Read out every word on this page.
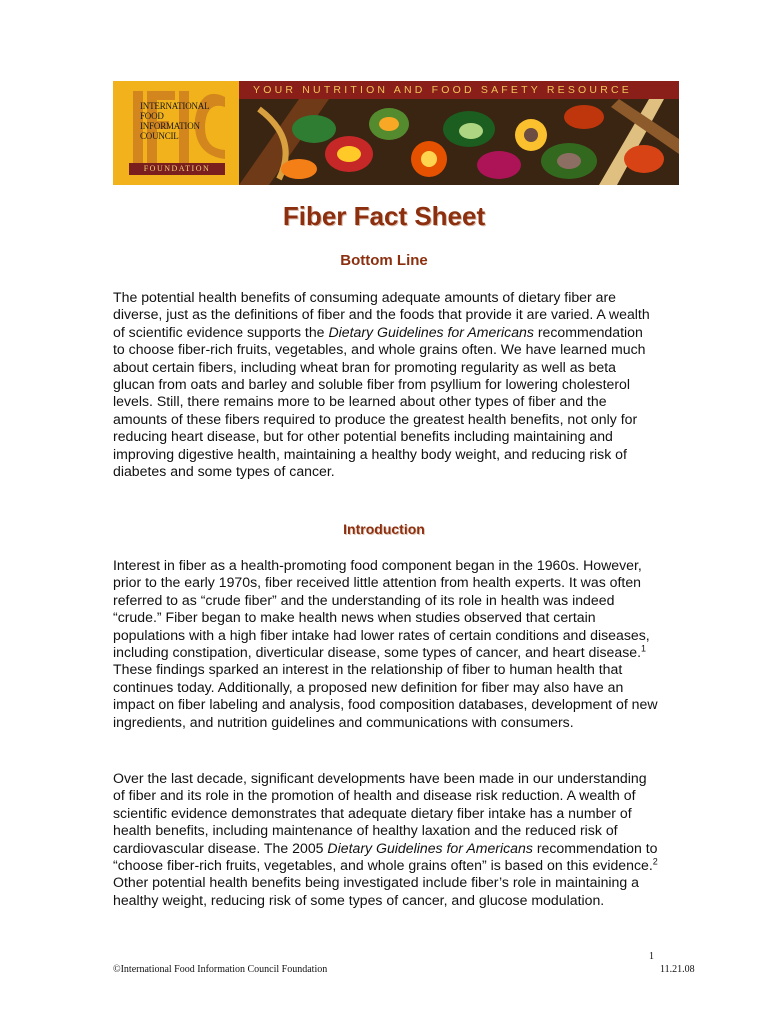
INTERNATIONAL
FOOD
INFORMATION
COUNCIL
FOUNDATION
YOUR NUTRITION AND FOOD SAFETY RESOURCE
Fiber Fact Sheet
Bottom Line

The potential health benefits of consuming adequate amounts of dietary fiber are diverse, just as the definitions of fiber and the foods that provide it are varied. A wealth of scientific evidence supports the Dietary Guidelines for Americans recommendation to choose fiber-rich fruits, vegetables, and whole grains often. We have learned much about certain fibers, including wheat bran for promoting regularity as well as beta glucan from oats and barley and soluble fiber from psyllium for lowering cholesterol levels. Still, there remains more to be learned about other types of fiber and the amounts of these fibers required to produce the greatest health benefits, not only for reducing heart disease, but for other potential benefits including maintaining and improving digestive health, maintaining a healthy body weight, and reducing risk of diabetes and some types of cancer.

Introduction

Interest in fiber as a health-promoting food component began in the 1960s. However, prior to the early 1970s, fiber received little attention from health experts. It was often referred to as “crude fiber” and the understanding of its role in health was indeed “crude.” Fiber began to make health news when studies observed that certain populations with a high fiber intake had lower rates of certain conditions and diseases, including constipation, diverticular disease, some types of cancer, and heart disease.$^1$ These findings sparked an interest in the relationship of fiber to human health that continues today. Additionally, a proposed new definition for fiber may also have an impact on fiber labeling and analysis, food composition databases, development of new ingredients, and nutrition guidelines and communications with consumers.

Over the last decade, significant developments have been made in our understanding of fiber and its role in the promotion of health and disease risk reduction. A wealth of scientific evidence demonstrates that adequate dietary fiber intake has a number of health benefits, including maintenance of healthy laxation and the reduced risk of cardiovascular disease. The 2005 Dietary Guidelines for Americans recommendation to “choose fiber-rich fruits, vegetables, and whole grains often” is based on this evidence.$^2$ Other potential health benefits being investigated include fiber’s role in maintaining a healthy weight, reducing risk of some types of cancer, and glucose modulation.

1
©International Food Information Council Foundation	11.21.08
